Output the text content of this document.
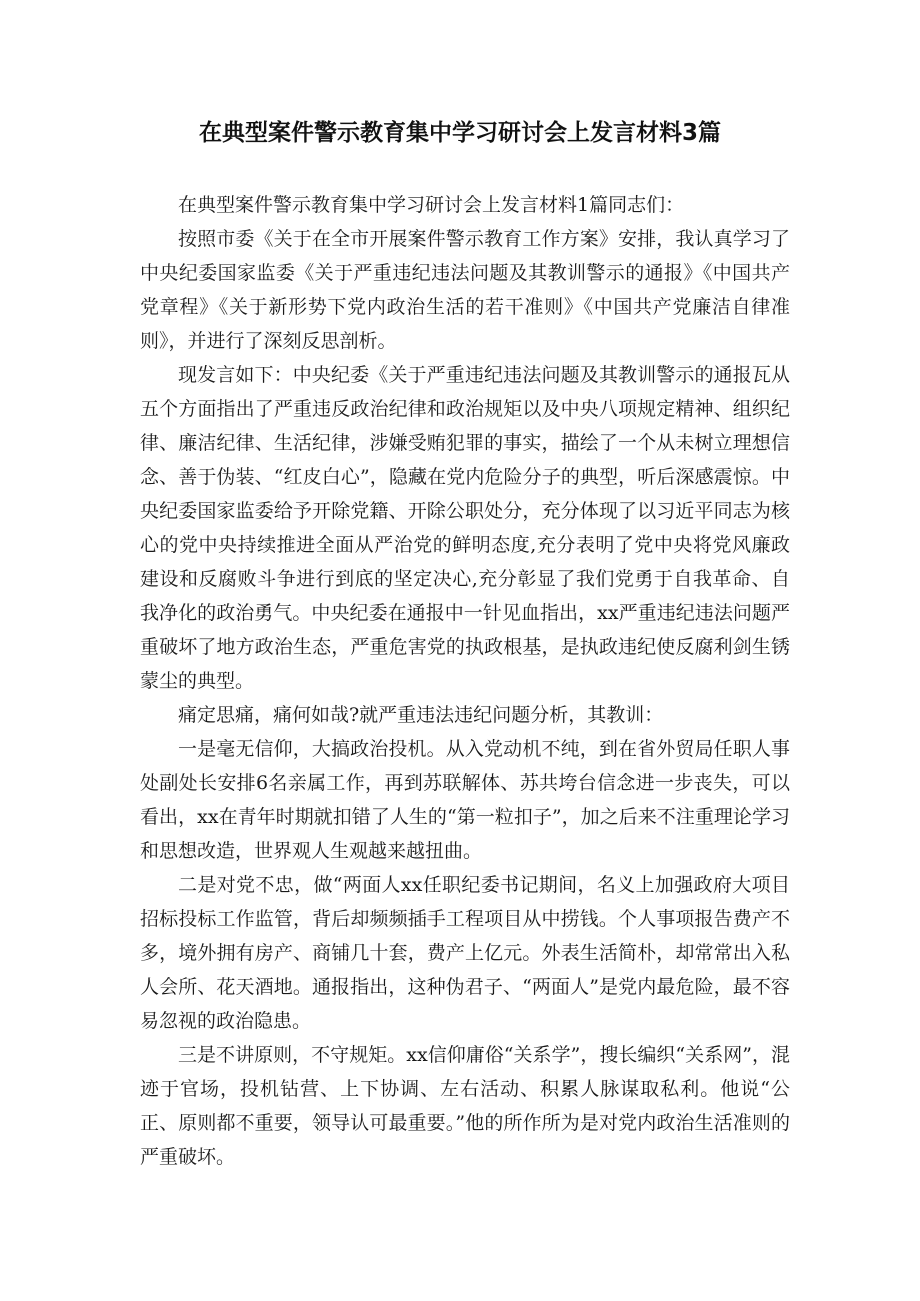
在典型案件警示教育集中学习研讨会上发言材料3篇

在典型案件警示教育集中学习研讨会上发言材料1篇同志们：

按照市委《关于在全市开展案件警示教育工作方案》安排，我认真学习了中央纪委国家监委《关于严重违纪违法问题及其教训警示的通报》《中国共产党章程》《关于新形势下党内政治生活的若干准则》《中国共产党廉洁自律准则》，并进行了深刻反思剖析。

现发言如下：中央纪委《关于严重违纪违法问题及其教训警示的通报瓦从五个方面指出了严重违反政治纪律和政治规矩以及中央八项规定精神、组织纪律、廉洁纪律、生活纪律，涉嫌受贿犯罪的事实，描绘了一个从未树立理想信念、善于伪装、“红皮白心”，隐藏在党内危险分子的典型，听后深感震惊。中央纪委国家监委给予开除党籍、开除公职处分，充分体现了以习近平同志为核心的党中央持续推进全面从严治党的鲜明态度,充分表明了党中央将党风廉政建设和反腐败斗争进行到底的坚定决心,充分彰显了我们党勇于自我革命、自我净化的政治勇气。中央纪委在通报中一针见血指出，xx严重违纪违法问题严重破坏了地方政治生态，严重危害党的执政根基，是执政违纪使反腐利剑生锈蒙尘的典型。

痛定思痛，痛何如哉?就严重违法违纪问题分析，其教训：

一是毫无信仰，大搞政治投机。从入党动机不纯，到在省外贸局任职人事处副处长安排6名亲属工作，再到苏联解体、苏共垮台信念进一步丧失，可以看出，xx在青年时期就扣错了人生的“第一粒扣子”，加之后来不注重理论学习和思想改造，世界观人生观越来越扭曲。

二是对党不忠，做“两面人xx任职纪委书记期间，名义上加强政府大项目招标投标工作监管，背后却频频插手工程项目从中捞钱。个人事项报告费产不多，境外拥有房产、商铺几十套，费产上亿元。外表生活简朴，却常常出入私人会所、花天酒地。通报指出，这种伪君子、“两面人”是党内最危险，最不容易忽视的政治隐患。

三是不讲原则，不守规矩。xx信仰庸俗“关系学”，搜长编织“关系网”，混迹于官场，投机钻营、上下协调、左右活动、积累人脉谋取私利。他说“公正、原则都不重要，领导认可最重要。”他的所作所为是对党内政治生活准则的严重破坏。
